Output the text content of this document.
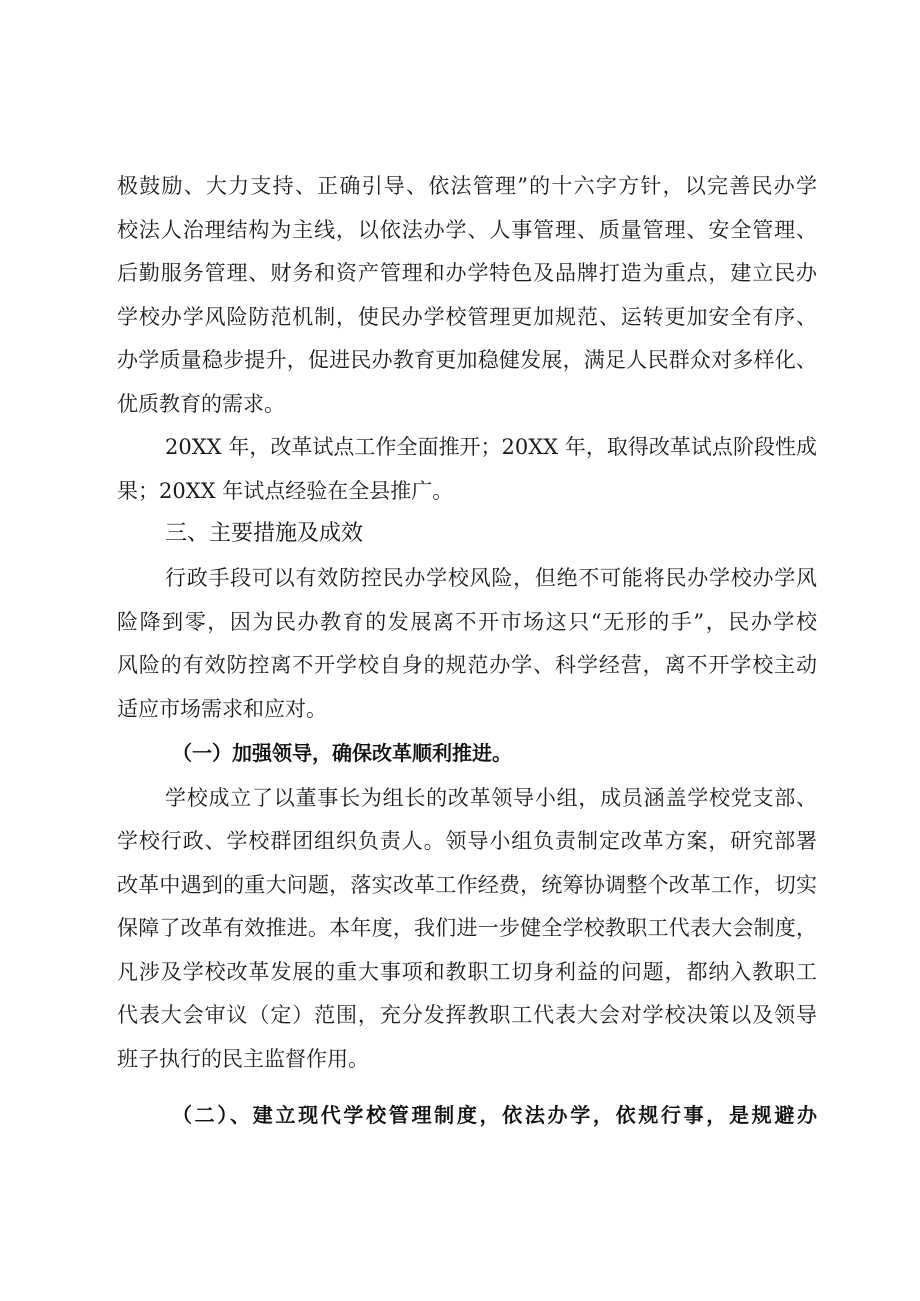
极鼓励、大力支持、正确引导、依法管理”的十六字方针，以完善民办学
校法人治理结构为主线，以依法办学、人事管理、质量管理、安全管理、
后勤服务管理、财务和资产管理和办学特色及品牌打造为重点，建立民办
学校办学风险防范机制，使民办学校管理更加规范、运转更加安全有序、
办学质量稳步提升，促进民办教育更加稳健发展，满足人民群众对多样化、
优质教育的需求。
20XX 年，改革试点工作全面推开；20XX 年，取得改革试点阶段性成
果；20XX 年试点经验在全县推广。
三、主要措施及成效
行政手段可以有效防控民办学校风险，但绝不可能将民办学校办学风
险降到零，因为民办教育的发展离不开市场这只“无形的手”，民办学校
风险的有效防控离不开学校自身的规范办学、科学经营，离不开学校主动
适应市场需求和应对。
（一）加强领导，确保改革顺利推进。
学校成立了以董事长为组长的改革领导小组，成员涵盖学校党支部、
学校行政、学校群团组织负责人。领导小组负责制定改革方案，研究部署
改革中遇到的重大问题，落实改革工作经费，统筹协调整个改革工作，切实
保障了改革有效推进。本年度，我们进一步健全学校教职工代表大会制度，
凡涉及学校改革发展的重大事项和教职工切身利益的问题，都纳入教职工
代表大会审议（定）范围，充分发挥教职工代表大会对学校决策以及领导
班子执行的民主监督作用。
（二）、建立现代学校管理制度，依法办学，依规行事，是规避办
